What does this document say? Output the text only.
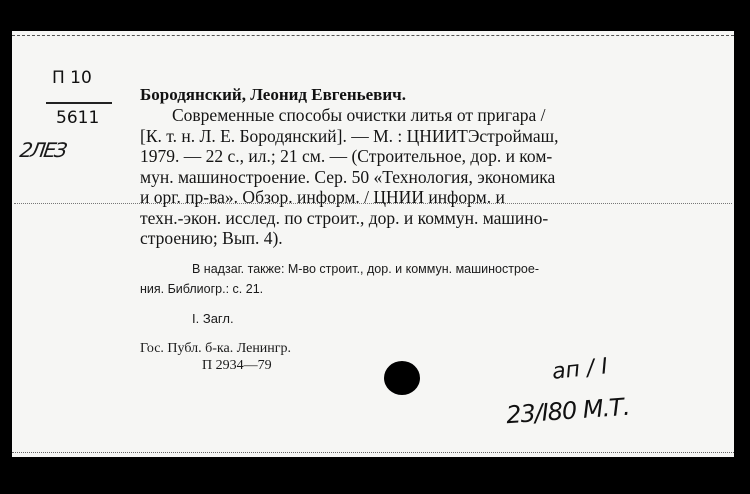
П 10
5611
2ЛЕЗ
Бородянский, Леонид Евгеньевич.
Современные способы очистки литья от пригара /
[К. т. н. Л. Е. Бородянский]. — М. : ЦНИИТЭстроймаш,
1979. — 22 с., ил.; 21 см. — (Строительное, дор. и ком-
мун. машиностроение. Сер. 50 «Технология, экономика
и орг. пр-ва». Обзор. информ. / ЦНИИ информ. и
техн.-экон. исслед. по строит., дор. и коммун. машино-
строению; Вып. 4).
В надзаг. также: М-во строит., дор. и коммун. машинострое-
ния. Библиогр.: с. 21.
I. Загл.
Гос. Публ. б-ка. Ленингр.
П 2934—79	ап / I
23/I80 М.Т.
